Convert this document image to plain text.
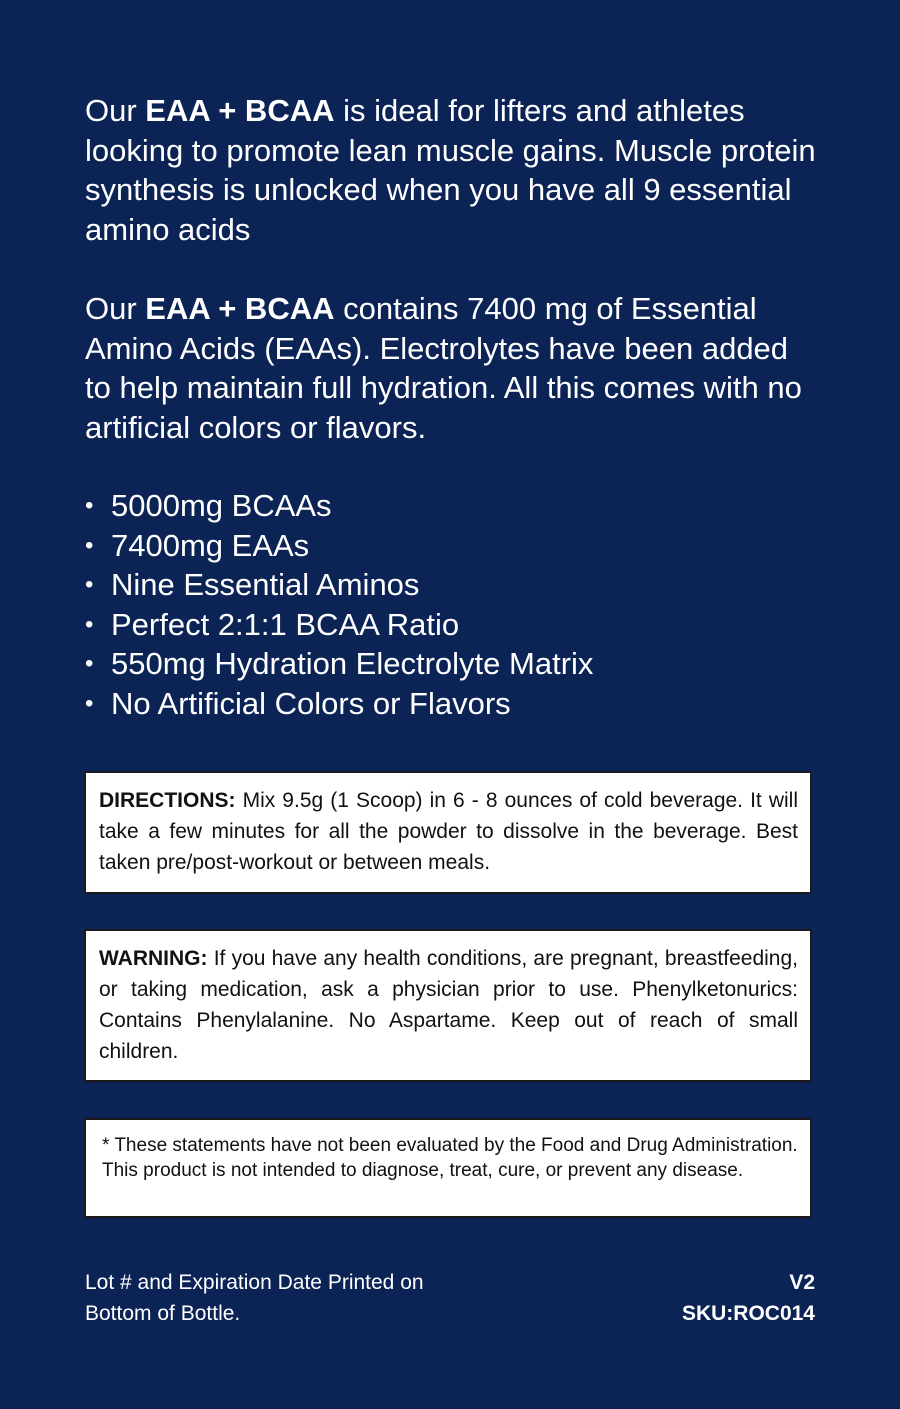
Our EAA + BCAA is ideal for lifters and athletes looking to promote lean muscle gains. Muscle protein synthesis is unlocked when you have all 9 essential amino acids

Our EAA + BCAA contains 7400 mg of Essential Amino Acids (EAAs). Electrolytes have been added to help maintain full hydration. All this comes with no artificial colors or flavors.

• 5000mg BCAAs
• 7400mg EAAs
• Nine Essential Aminos
• Perfect 2:1:1 BCAA Ratio
• 550mg Hydration Electrolyte Matrix
• No Artificial Colors or Flavors

DIRECTIONS: Mix 9.5g (1 Scoop) in 6 - 8 ounces of cold beverage. It will take a few minutes for all the powder to dissolve in the beverage. Best taken pre/post-workout or between meals.

WARNING: If you have any health conditions, are pregnant, breastfeeding, or taking medication, ask a physician prior to use. Phenylketonurics: Contains Phenylalanine. No Aspartame. Keep out of reach of small children.

* These statements have not been evaluated by the Food and Drug Administration. This product is not intended to diagnose, treat, cure, or prevent any disease.

Lot # and Expiration Date Printed on
Bottom of Bottle.
V2
SKU:ROC014
